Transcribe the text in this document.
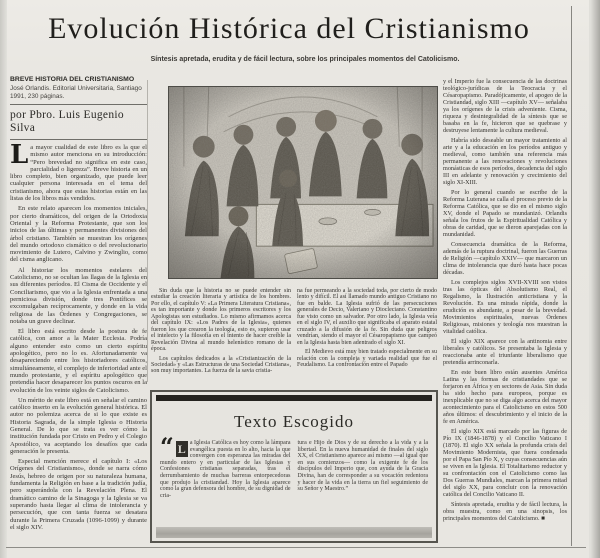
Evolución Histórica del Cristianismo
Síntesis apretada, erudita y de fácil lectura, sobre los principales momentos del Catolicismo.
BREVE HISTORIA DEL CRISTIANISMO
José Orlandis. Editorial Universitaria, Santiago 1991, 230 páginas.
por Pbro. Luis Eugenio Silva

La mayor cualidad de este libro es la que el mismo autor menciona en su introducción: “Pero brevedad no significa en este caso, parcialidad o ligereza”. Breve historia en un libro completo, bien organizado, que puede leer cualquier persona interesada en el tema del cristianismo, ahora que estas historias están en las listas de los libros más vendidos.

En este relato aparecen los momentos iniciales, por cierto dramáticos, del origen de la Ortodoxia Oriental y la Reforma Protestante, que son los inicios de las últimas y permanentes divisiones del árbol cristiano. También se muestran los orígenes del mundo ortodoxo cismático o del revolucionario movimiento de Lutero, Calvino y Zwinglio, como del cisma anglicano.

Al historiar los momentos estelares del Catolicismo, no se ocultan las llagas de la Iglesia en sus diferentes períodos. El Cisma de Occidente y el Conciliarismo, que vio a la Iglesia enfrentada a una perniciosa división, donde tres Pontífices se excomulgaban recíprocamente, y donde en la vida religiosa de las Órdenes y Congregaciones, se notaba un grave declinar.

El libro está escrito desde la postura de fe católica, con amor a la Mater Ecclesia. Podría alguno entender esto como un cierto espíritu apologético, pero no lo es. Afortunadamente va desapareciendo entre los historiadores católicos, simultáneamente, el complejo de inferioridad ante el mundo protestante, y el espíritu apologético que pretendía hacer desaparecer los puntos oscuros en la evolución de los veinte siglos de Catolicismo.

Un mérito de este libro está en señalar el camino católico inserto en la evolución general histórica. El autor no polemiza acerca de si lo que existe es Historia Sagrada, de la simple Iglesia o Historia General. De lo que se trata es ver cómo la institución fundada por Cristo en Pedro y el Colegio Apostólico, va aceptando los desafíos que cada generación le presenta.

Especial mención merece el capítulo I: «Los Orígenes del Cristianismo», donde se narra cómo Jesús, hebreo de origen por su naturaleza humana, fundamenta la Religión en base a la tradición judía, pero superándola con la Revelación Plena. El dramático camino de la Sinagoga y la Iglesia se va superando hasta llegar al clima de intolerancia y persecución, que con tanta fuerza se desatara durante la Primera Cruzada (1096-1099) y durante el siglo XIV.

Sin duda que la historia no se puede entender sin estudiar la creación literaria y artística de los hombres. Por ello, el capítulo V: «La Primera Literatura Cristiana», es tan importante y donde los primeros escritores y los Apologistas son estudiados. Lo mismo afirmamos acerca del capítulo IX: «Los Padres de la Iglesia», quienes fueron los que crearon la teología, esto es, supieron usar el intelecto y la filosofía en el intento de hacer creíble la Revelación Divina al mundo helenístico romano de la época.

Los capítulos dedicados a la «Cristianización de la Sociedad» y «Las Estructuras de una Sociedad Cristiana», son muy importantes. La fuerza de la savia cristia-

na fue permeando a la sociedad toda, por cierto de modo lento y difícil. El así llamado mundo antiguo Cristiano no fue en balde. La Iglesia sufrió de las persecuciones generales de Decio, Valeriano y Diocleciano. Constantino fue visto como un salvador. Por otro lado, la Iglesia veía en el siglo IV, el auxilio que significaba el aparato estatal cruzado a la difusión de la fe. Sin duda que peligros vendrían, siendo el mayor el Césaropapismo que campeó en la Iglesia hasta bien adentrado el siglo XI.

El Medievo está muy bien tratado especialmente en su relación con la compleja y variada realidad que fue el Feudalismo. La confrontación entre el Papado

y el Imperio fue la consecuencia de las doctrinas teológico-jurídicas de la Teocracia y el Césaropapismo. Paradójicamente, el apogeo de la Cristiandad, siglo XIII —capítulo XV— señalaba ya los orígenes de la crisis adveniente. Cisma, riqueza y desintegralidad de la síntesis que se basaba en la fe, hicieron que se quebrase y destruyese lentamente la cultura medieval.

Habría sido deseable un mayor tratamiento al arte y a la educación en los períodos antiguo y medieval, como también una referencia más permanente a las renovaciones y revoluciones monásticas de esos períodos, decadencia del siglo III en adelante y renovación y crecimiento del siglo XI-XIII.

Por lo general cuando se escribe de la Reforma Luterana se calla el proceso previo de la Reforma Católica, que se dio en el mismo siglo XV, donde el Papado se mundanizó. Orlandis señala los frutos de la Espiritualidad Católica y obras de caridad, que se dieron aparejadas con la mundanidad.

Consecuencia dramática de la Reforma, además de la ruptura doctrinal, fueron las Guerras de Religión —capítulo XXIV— que marcaron un clima de intolerancia que duró hasta hace pocas décadas.

Los complejos siglos XVII-XVIII son vistos tras las ópticas del Absolutismo Real, el Regalismo, la Ilustración anticristiana y la Revolución. Es una mirada rápida, donde la erudición es abundante, a pesar de la brevedad. Movimientos espirituales, nuevas Órdenes Religiosas, misiones y teología nos muestran la vitalidad católica.

El siglo XIX aparece con la antinomia entre liberales y católicos. Se presentaba la Iglesia y reaccionaba ante el triunfante liberalismo que pretendía arrinconarla.

En este buen libro están ausentes América Latina y las formas de cristiandades que se forjaron en África y en sectores de Asia. Sin duda ha sido hecho para europeos, porque es inexplicable que no se diga algo acerca del mayor acontecimiento para el Catolicismo en estos 500 años últimos: el descubrimiento y el inicio de la fe en América.

El siglo XIX está marcado por las figuras de Pío IX (1846-1878) y el Concilio Vaticano I (1870). El siglo XX señala la profunda crisis del Movimiento Modernista, que fuera condenada por el Papa San Pío X, y cuyas consecuencias aún se viven en la Iglesia. El Totalitarismo reductor y su confrontación con el Catolicismo como las Dos Guerras Mundiales, marcan la primera mitad del siglo XX, para concluir con la renovación católica del Concilio Vaticano II.

Síntesis apretada, erudita y de fácil lectura, la obra muestra, como en una sinopsis, los principales momentos del Catolicismo. ■

Texto Escogido
“ L a Iglesia Católica es hoy como la lámpara evangélica puesta en lo alto, hacia la que convergen con esperanza las miradas del mundo entero y en particular de las Iglesias y Confesiones cristianas separadas, tras el derrumbamiento de muchas barreras entorpecedoras que produjo la cristiandad. Hoy la Iglesia aparece como la gran defensora del hombre, de su dignidad de cria-
tura e Hijo de Dios y de su derecho a la vida y a la libertad. En la nueva humanidad de finales del siglo XX, el Cristianismo aparece así mismo —al igual que en sus comienzos— como la exigente fe de los discípulos del Imperio que, con ayuda de la Gracia Divina, han de corresponder a su vocación redentora y hacer de la vida en la tierra un fiel seguimiento de su Señor y Maestro.”
